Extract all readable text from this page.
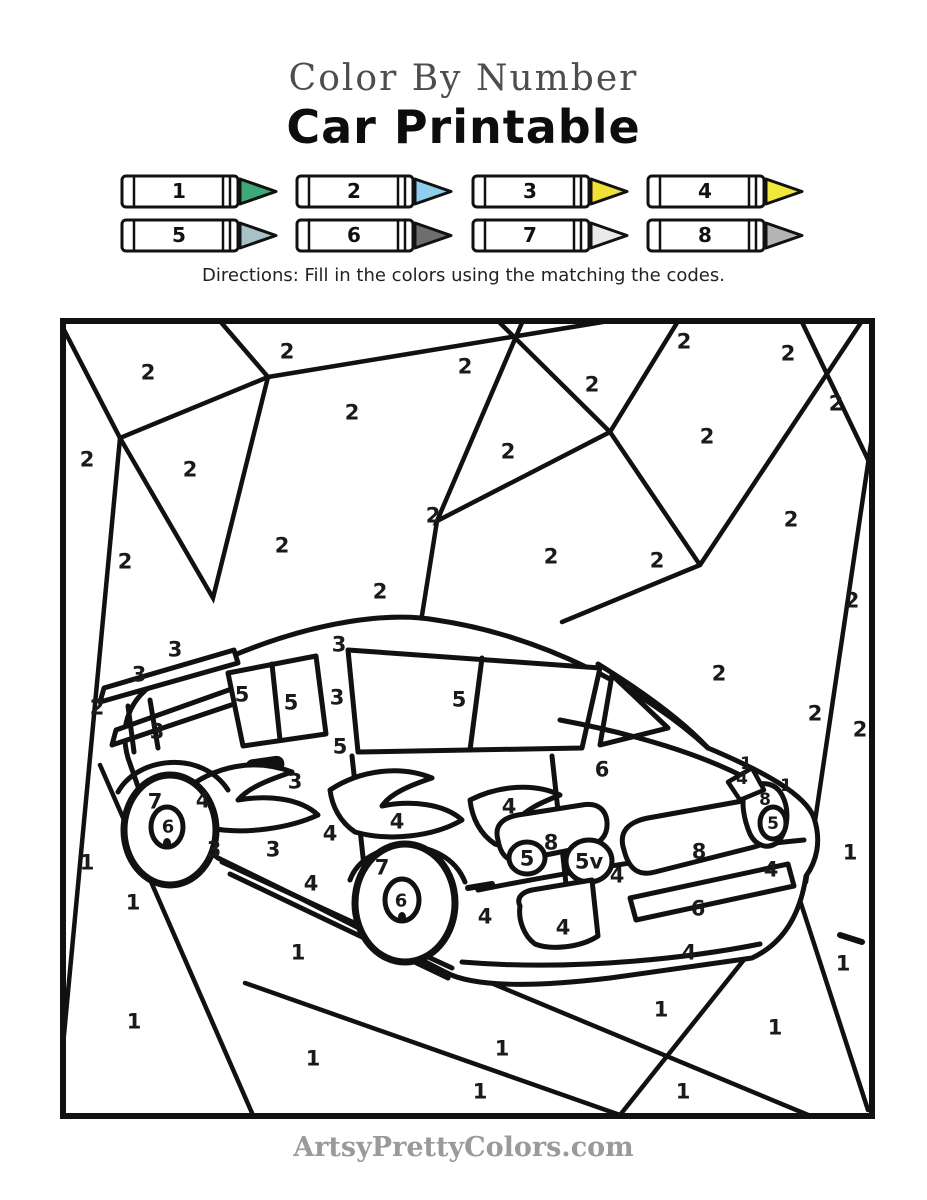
Color By Number
Car Printable
1	2	3	4
5	6	7	8

Directions: Fill in the colors using the matching the codes.

2
2
2
2
2
2	2
2
2	2
2
2
2
2
2	2	2
2
2	2
2
2
2
2
3
3
3
3
3
3
3 3
5 5	5
5
5
5
5v
6
6
6	6
7
7
8	8
8
4
4
4
4
4
4
4
4
4	4
4
1
1
1
1
1
1
1
1
1	1
1
1
1
1
ArtsyPrettyColors.com
